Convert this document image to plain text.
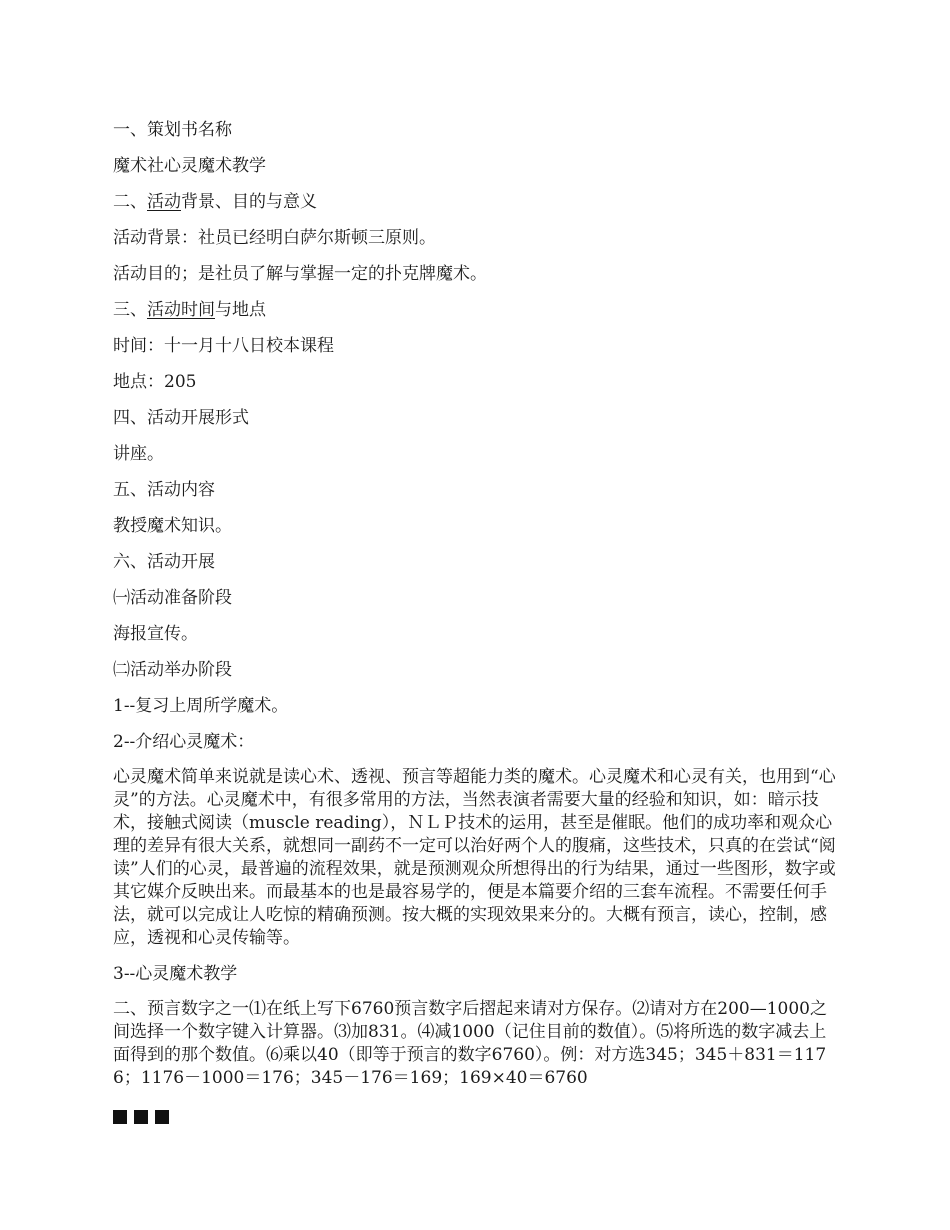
一、策划书名称
魔术社心灵魔术教学
二、活动背景、目的与意义
活动背景：社员已经明白萨尔斯顿三原则。
活动目的；是社员了解与掌握一定的扑克牌魔术。
三、活动时间与地点
时间：十一月十八日校本课程
地点：205
四、活动开展形式
讲座。
五、活动内容
教授魔术知识。
六、活动开展
㈠活动准备阶段
海报宣传。
㈡活动举办阶段
1--复习上周所学魔术。
2--介绍心灵魔术：
心灵魔术简单来说就是读心术、透视、预言等超能力类的魔术。心灵魔术和心灵有关，也用到“心灵”的方法。心灵魔术中，有很多常用的方法，当然表演者需要大量的经验和知识，如：暗示技术，接触式阅读（muscle reading），ＮＬＰ技术的运用，甚至是催眠。他们的成功率和观众心理的差异有很大关系，就想同一副药不一定可以治好两个人的腹痛，这些技术，只真的在尝试“阅读”人们的心灵，最普遍的流程效果，就是预测观众所想得出的行为结果，通过一些图形，数字或其它媒介反映出来。而最基本的也是最容易学的，便是本篇要介绍的三套车流程。不需要任何手法，就可以完成让人吃惊的精确预测。按大概的实现效果来分的。大概有预言，读心，控制，感应，透视和心灵传输等。
3--心灵魔术教学
二、预言数字之一⑴在纸上写下6760预言数字后摺起来请对方保存。⑵请对方在200—1000之间选择一个数字键入计算器。⑶加831。⑷减1000（记住目前的数值）。⑸将所选的数字减去上面得到的那个数值。⑹乘以40（即等于预言的数字6760）。例：对方选345；345＋831＝1176；1176－1000＝176；345－176＝169；169×40＝6760
